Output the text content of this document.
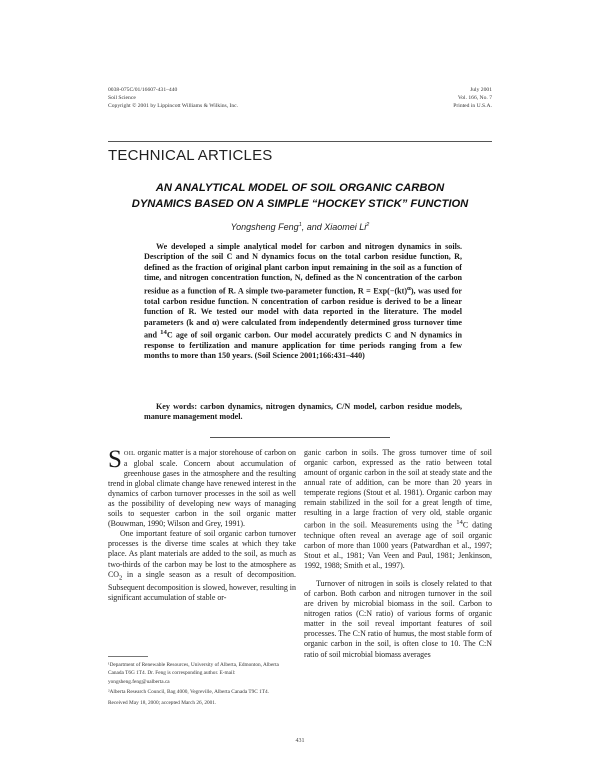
0038-075C/01/16607-431–440
Soil Science
Copyright © 2001 by Lippincott Williams & Wilkins, Inc.
July 2001
Vol. 166, No. 7
Printed in U.S.A.
TECHNICAL ARTICLES
AN ANALYTICAL MODEL OF SOIL ORGANIC CARBON
DYNAMICS BASED ON A SIMPLE “HOCKEY STICK” FUNCTION
Yongsheng Feng$^1$, and Xiaomei Li$^2$

We developed a simple analytical model for carbon and nitrogen dynamics in soils. Description of the soil C and N dynamics focus on the total carbon residue function, R, defined as the fraction of original plant carbon input remaining in the soil as a function of time, and nitrogen concentration function, N, defined as the N concentration of the carbon residue as a function of R. A simple two-parameter function, R = Exp(−(kt)$^\alpha$), was used for total carbon residue function. N concentration of carbon residue is derived to be a linear function of R. We tested our model with data reported in the literature. The model parameters (k and α) were calculated from independently determined gross turnover time and $^{14}$C age of soil organic carbon. Our model accurately predicts C and N dynamics in response to fertilization and manure application for time periods ranging from a few months to more than 150 years. (Soil Science 2001;166:431–440)

Key words: carbon dynamics, nitrogen dynamics, C/N model, carbon residue models, manure management model.

SOIL organic matter is a major storehouse of carbon on a global scale. Concern about accumulation of greenhouse gases in the atmosphere and the resulting trend in global climate change have renewed interest in the dynamics of carbon turnover processes in the soil as well as the possibility of developing new ways of managing soils to sequester carbon in the soil organic matter (Bouwman, 1990; Wilson and Grey, 1991).

One important feature of soil organic carbon turnover processes is the diverse time scales at which they take place. As plant materials are added to the soil, as much as two-thirds of the carbon may be lost to the atmosphere as $CO_2$ in a single season as a result of decomposition. Subsequent decomposition is slowed, however, resulting in significant accumulation of stable or-

ganic carbon in soils. The gross turnover time of soil organic carbon, expressed as the ratio between total amount of organic carbon in the soil at steady state and the annual rate of addition, can be more than 20 years in temperate regions (Stout et al. 1981). Organic carbon may remain stabilized in the soil for a great length of time, resulting in a large fraction of very old, stable organic carbon in the soil. Measurements using the $^{14}$C dating technique often reveal an average age of soil organic carbon of more than 1000 years (Patwardhan et al., 1997; Stout et al., 1981; Van Veen and Paul, 1981; Jenkinson, 1992, 1988; Smith et al., 1997).

Turnover of nitrogen in soils is closely related to that of carbon. Both carbon and nitrogen turnover in the soil are driven by microbial biomass in the soil. Carbon to nitrogen ratios (C:N ratio) of various forms of organic matter in the soil reveal important features of soil processes. The C:N ratio of humus, the most stable form of organic carbon in the soil, is often close to 10. The C:N ratio of soil microbial biomass averages

¹Department of Renewable Resources, University of Alberta, Edmonton, Alberta Canada T6G 1T4. Dr. Feng is corresponding author. E-mail: yongsheng.feng@ualberta.ca

²Alberta Research Council, Bag 4000, Vegreville, Alberta Canada T9C 1T4.

Received May 18, 2000; accepted March 26, 2001.

431
